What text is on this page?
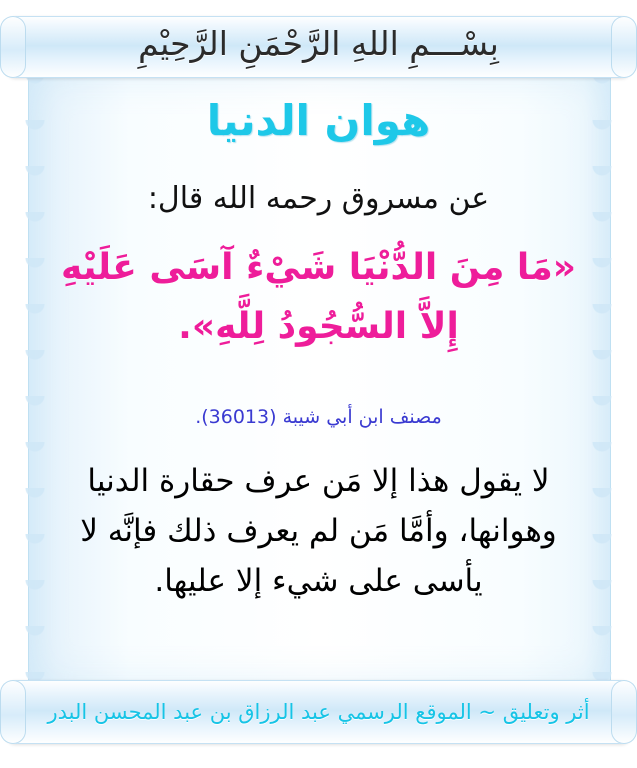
بِسْـــمِ اللهِ الرَّحْمَنِ الرَّحِيْمِ
هوان الدنيا
عن مسروق رحمه الله قال:
«مَا مِنَ الدُّنْيَا شَيْءٌ آسَى عَلَيْهِ إِلاَّ السُّجُودُ لِلَّهِ».
مصنف ابن أبي شيبة (36013).
لا يقول هذا إلا مَن عرف حقارة الدنيا وهوانها، وأمَّا مَن لم يعرف ذلك فإنَّه لا يأسى على شيء إلا عليها.
أثر وتعليق ~ الموقع الرسمي عبد الرزاق بن عبد المحسن البدر
